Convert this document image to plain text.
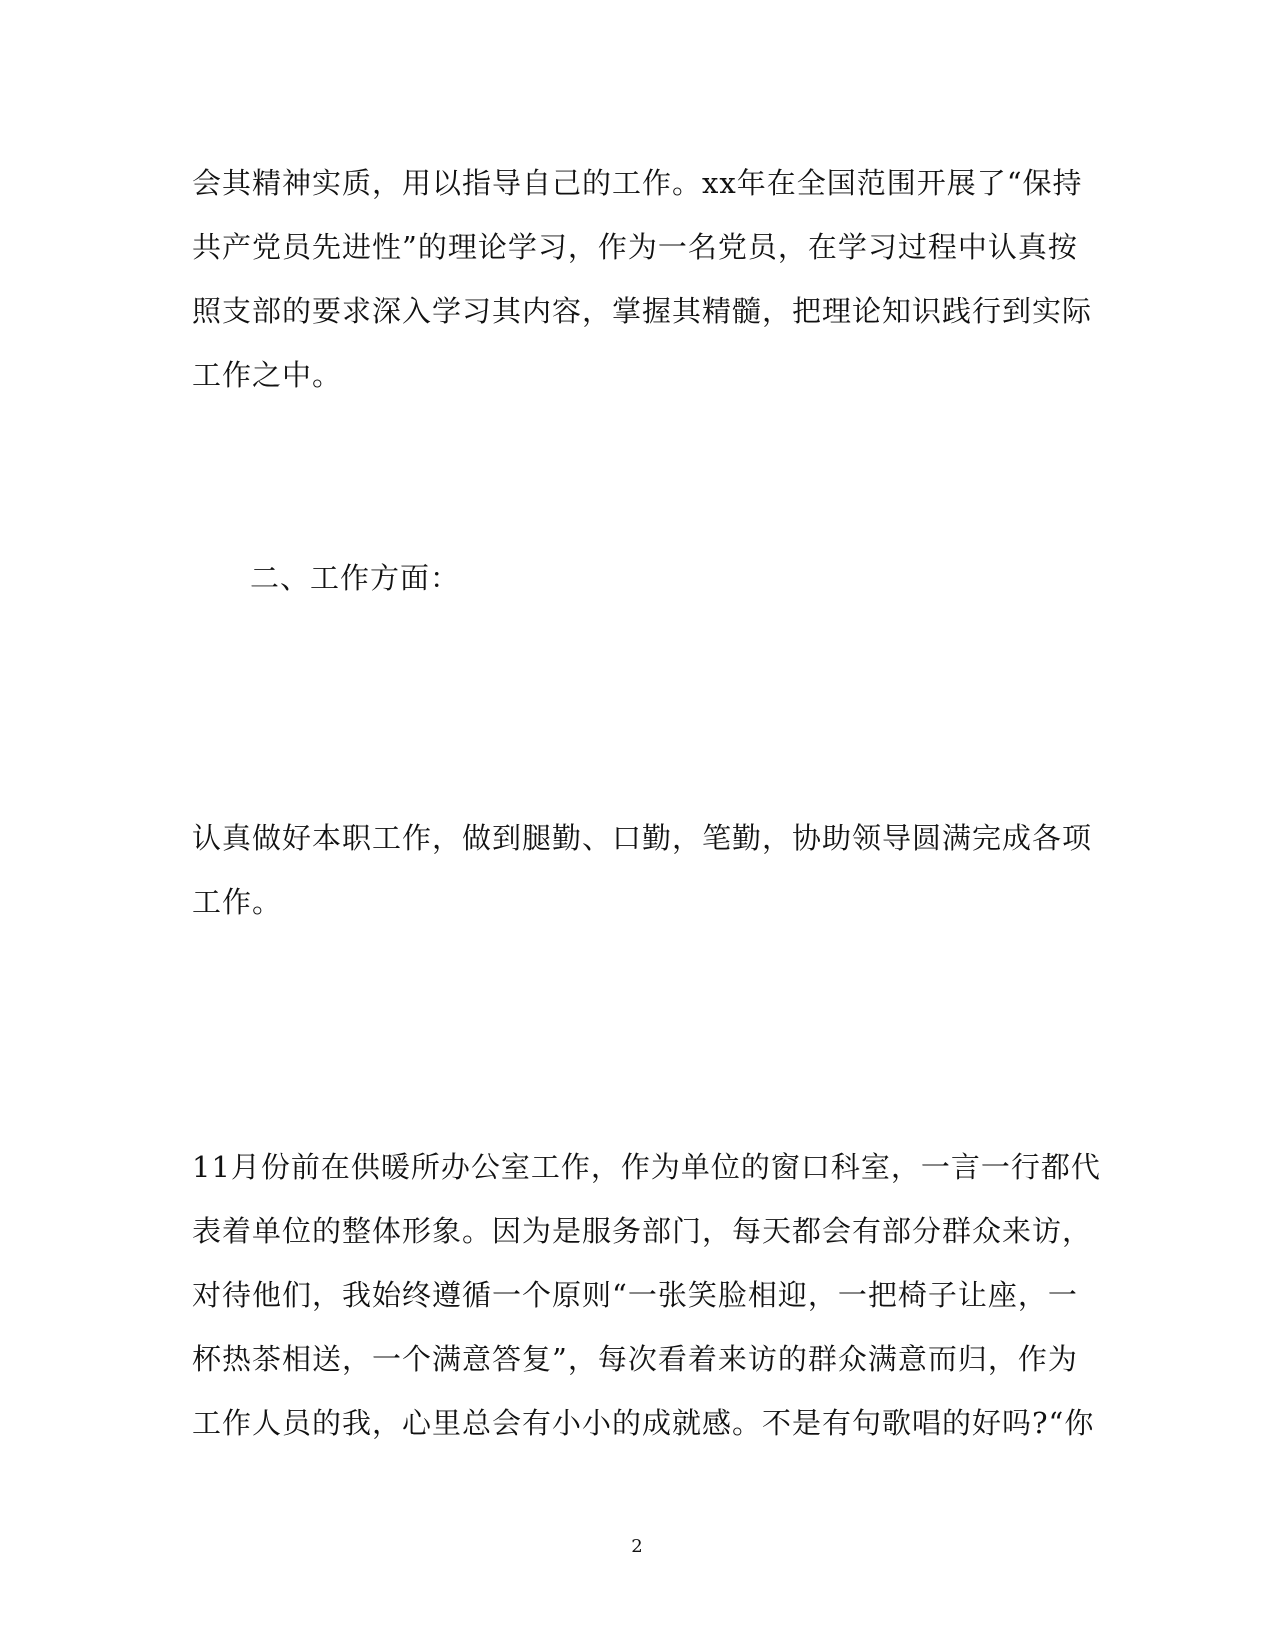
会其精神实质，用以指导自己的工作。xx年在全国范围开展了“保持
共产党员先进性”的理论学习，作为一名党员，在学习过程中认真按
照支部的要求深入学习其内容，掌握其精髓，把理论知识践行到实际
工作之中。
二、工作方面：
认真做好本职工作，做到腿勤、口勤，笔勤，协助领导圆满完成各项
工作。
11月份前在供暖所办公室工作，作为单位的窗口科室，一言一行都代
表着单位的整体形象。因为是服务部门，每天都会有部分群众来访，
对待他们，我始终遵循一个原则“一张笑脸相迎，一把椅子让座，一
杯热茶相送，一个满意答复”，每次看着来访的群众满意而归，作为
工作人员的我，心里总会有小小的成就感。不是有句歌唱的好吗?“你
2
